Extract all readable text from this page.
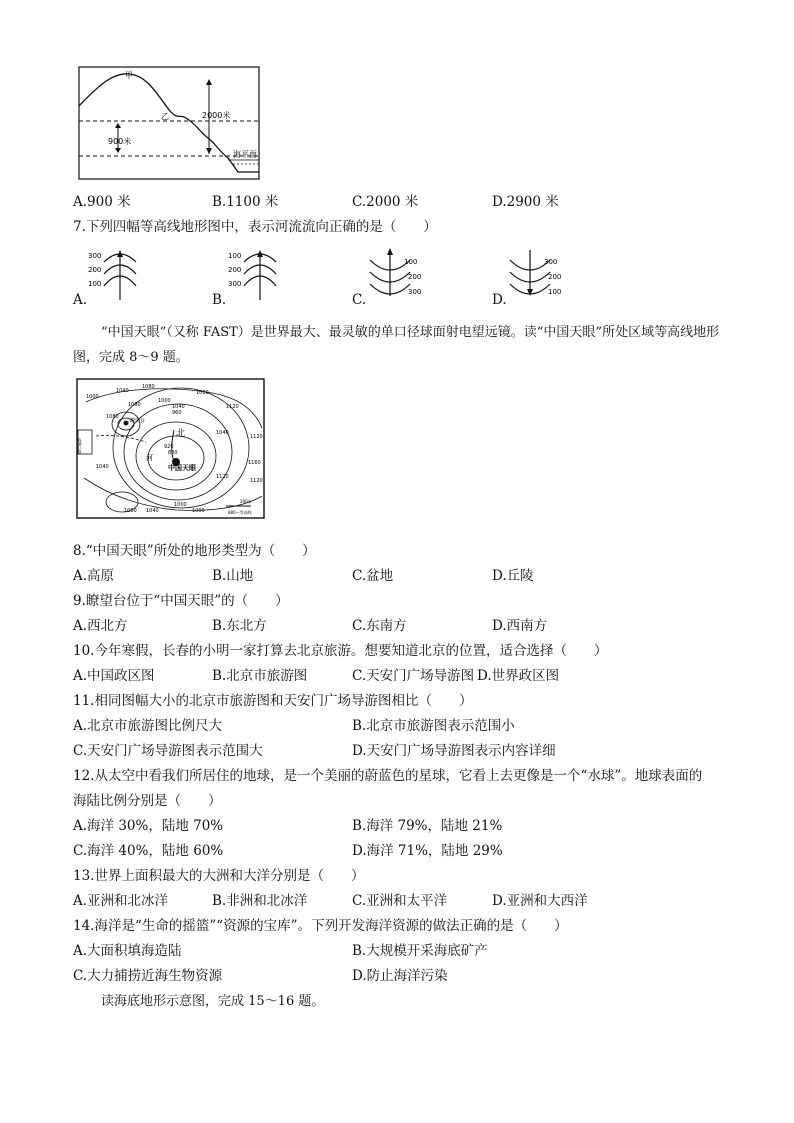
甲
乙	2000米
900米
海平面
A.900 米	B.1100 米	C.2000 米	D.2900 米
7.下列四幅等高线地形图中，表示河流流向正确的是（　　）
A.
300
200
100
B.
100
200
300
C.
100
200
300	D.
300
200
100
“中国天眼”（又称 FAST）是世界最大、最灵敏的单口径球面射电望远镜。读“中国天眼”所处区域等高线地形图，完成 8～9 题。
1040
1080
1000
1000
1000
1080
960
1040
880
920
1120
1160
1120
1080
1040
1000
1080	1000
1040
1120
1040
1120
瞭望台
河
北
中国天眼
高速公路
200米
880—等高线
8.“中国天眼”所处的地形类型为（　　）
A.高原	B.山地	C.盆地	D.丘陵
9.瞭望台位于“中国天眼”的（　　）
A.西北方	B.东北方	C.东南方	D.西南方
10.今年寒假，长春的小明一家打算去北京旅游。想要知道北京的位置，适合选择（　　）
A.中国政区图	B.北京市旅游图	C.天安门广场导游图 D.世界政区图
11.相同图幅大小的北京市旅游图和天安门广场导游图相比（　　）
A.北京市旅游图比例尺大	B.北京市旅游图表示范围小
C.天安门广场导游图表示范围大	D.天安门广场导游图表示内容详细
12.从太空中看我们所居住的地球，是一个美丽的蔚蓝色的星球，它看上去更像是一个“水球”。地球表面的
海陆比例分别是（　　）
A.海洋 30%，陆地 70%	B.海洋 79%，陆地 21%
C.海洋 40%，陆地 60%	D.海洋 71%，陆地 29%
13.世界上面积最大的大洲和大洋分别是（　　）
A.亚洲和北冰洋	B.非洲和北冰洋	C.亚洲和太平洋	D.亚洲和大西洋
14.海洋是“生命的摇篮”“资源的宝库”。下列开发海洋资源的做法正确的是（　　）
A.大面积填海造陆	B.大规模开采海底矿产
C.大力捕捞近海生物资源	D.防止海洋污染
读海底地形示意图，完成 15～16 题。
